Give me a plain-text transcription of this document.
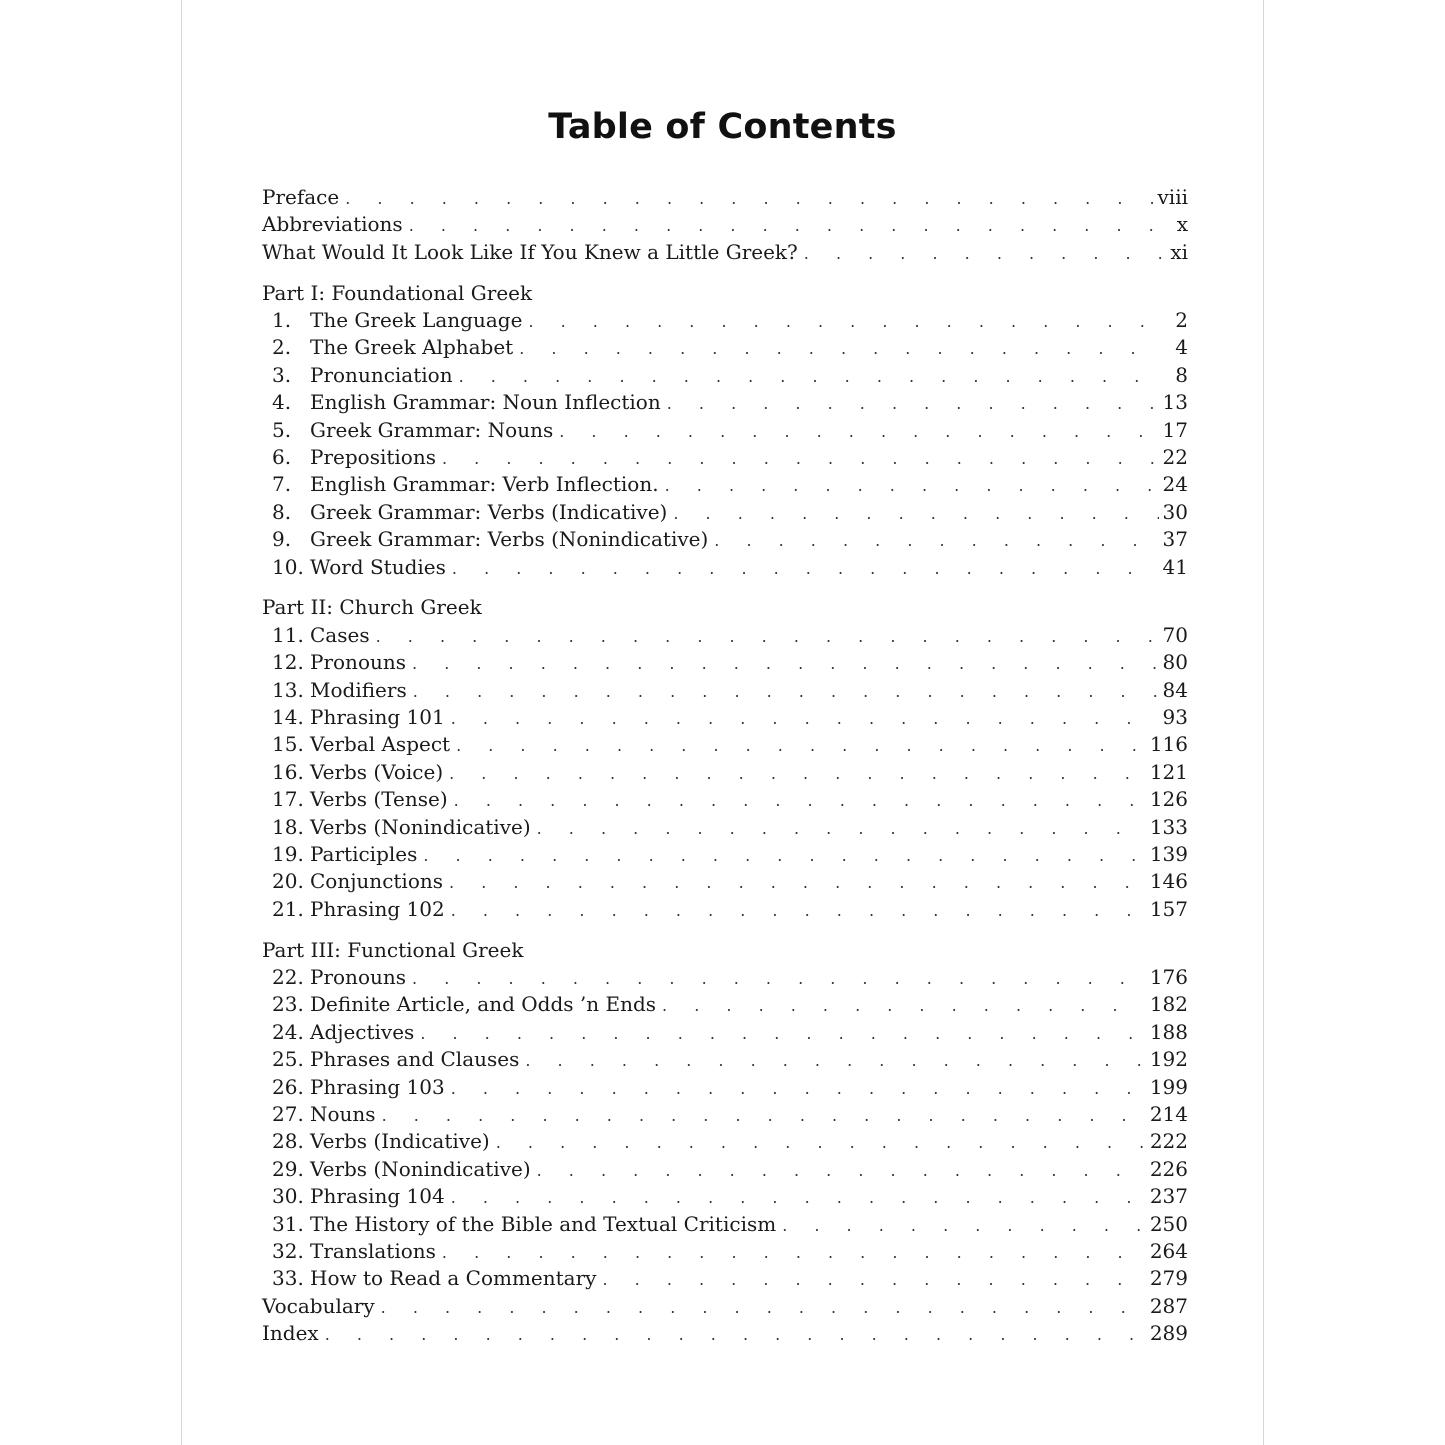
Table of Contents
Preface . . .	viii
Abbreviations . . .	x
What Would It Look Like If You Knew a Little Greek? . . .	xi
Part I: Foundational Greek
1. The Greek Language . . .	2
2. The Greek Alphabet . . .	4
3. Pronunciation . . .	8
4. English Grammar: Noun Inflection . . .	13
5. Greek Grammar: Nouns . . .	17
6. Prepositions . . .	22
7. English Grammar: Verb Inflection. . . .	24
8. Greek Grammar: Verbs (Indicative) . . .	30
9. Greek Grammar: Verbs (Nonindicative) . . .	37
10. Word Studies . . .	41
Part II: Church Greek
11. Cases . . .	70
12. Pronouns . . .	80
13. Modifiers . . .	84
14. Phrasing 101 . . .	93
15. Verbal Aspect . . .	116
16. Verbs (Voice) . . .	121
17. Verbs (Tense) . . .	126
18. Verbs (Nonindicative) . . .	133
19. Participles . . .	139
20. Conjunctions . . .	146
21. Phrasing 102 . . .	157
Part III: Functional Greek
22. Pronouns . . .	176
23. Definite Article, and Odds ’n Ends . . .	182
24. Adjectives . . .	188
25. Phrases and Clauses . . .	192
26. Phrasing 103 . . .	199
27. Nouns . . .	214
28. Verbs (Indicative) . . .	222
29. Verbs (Nonindicative) . . .	226
30. Phrasing 104 . . .	237
31. The History of the Bible and Textual Criticism . . .	250
32. Translations . . .	264
33. How to Read a Commentary . . .	279
Vocabulary . . .	287
Index . . .	289
